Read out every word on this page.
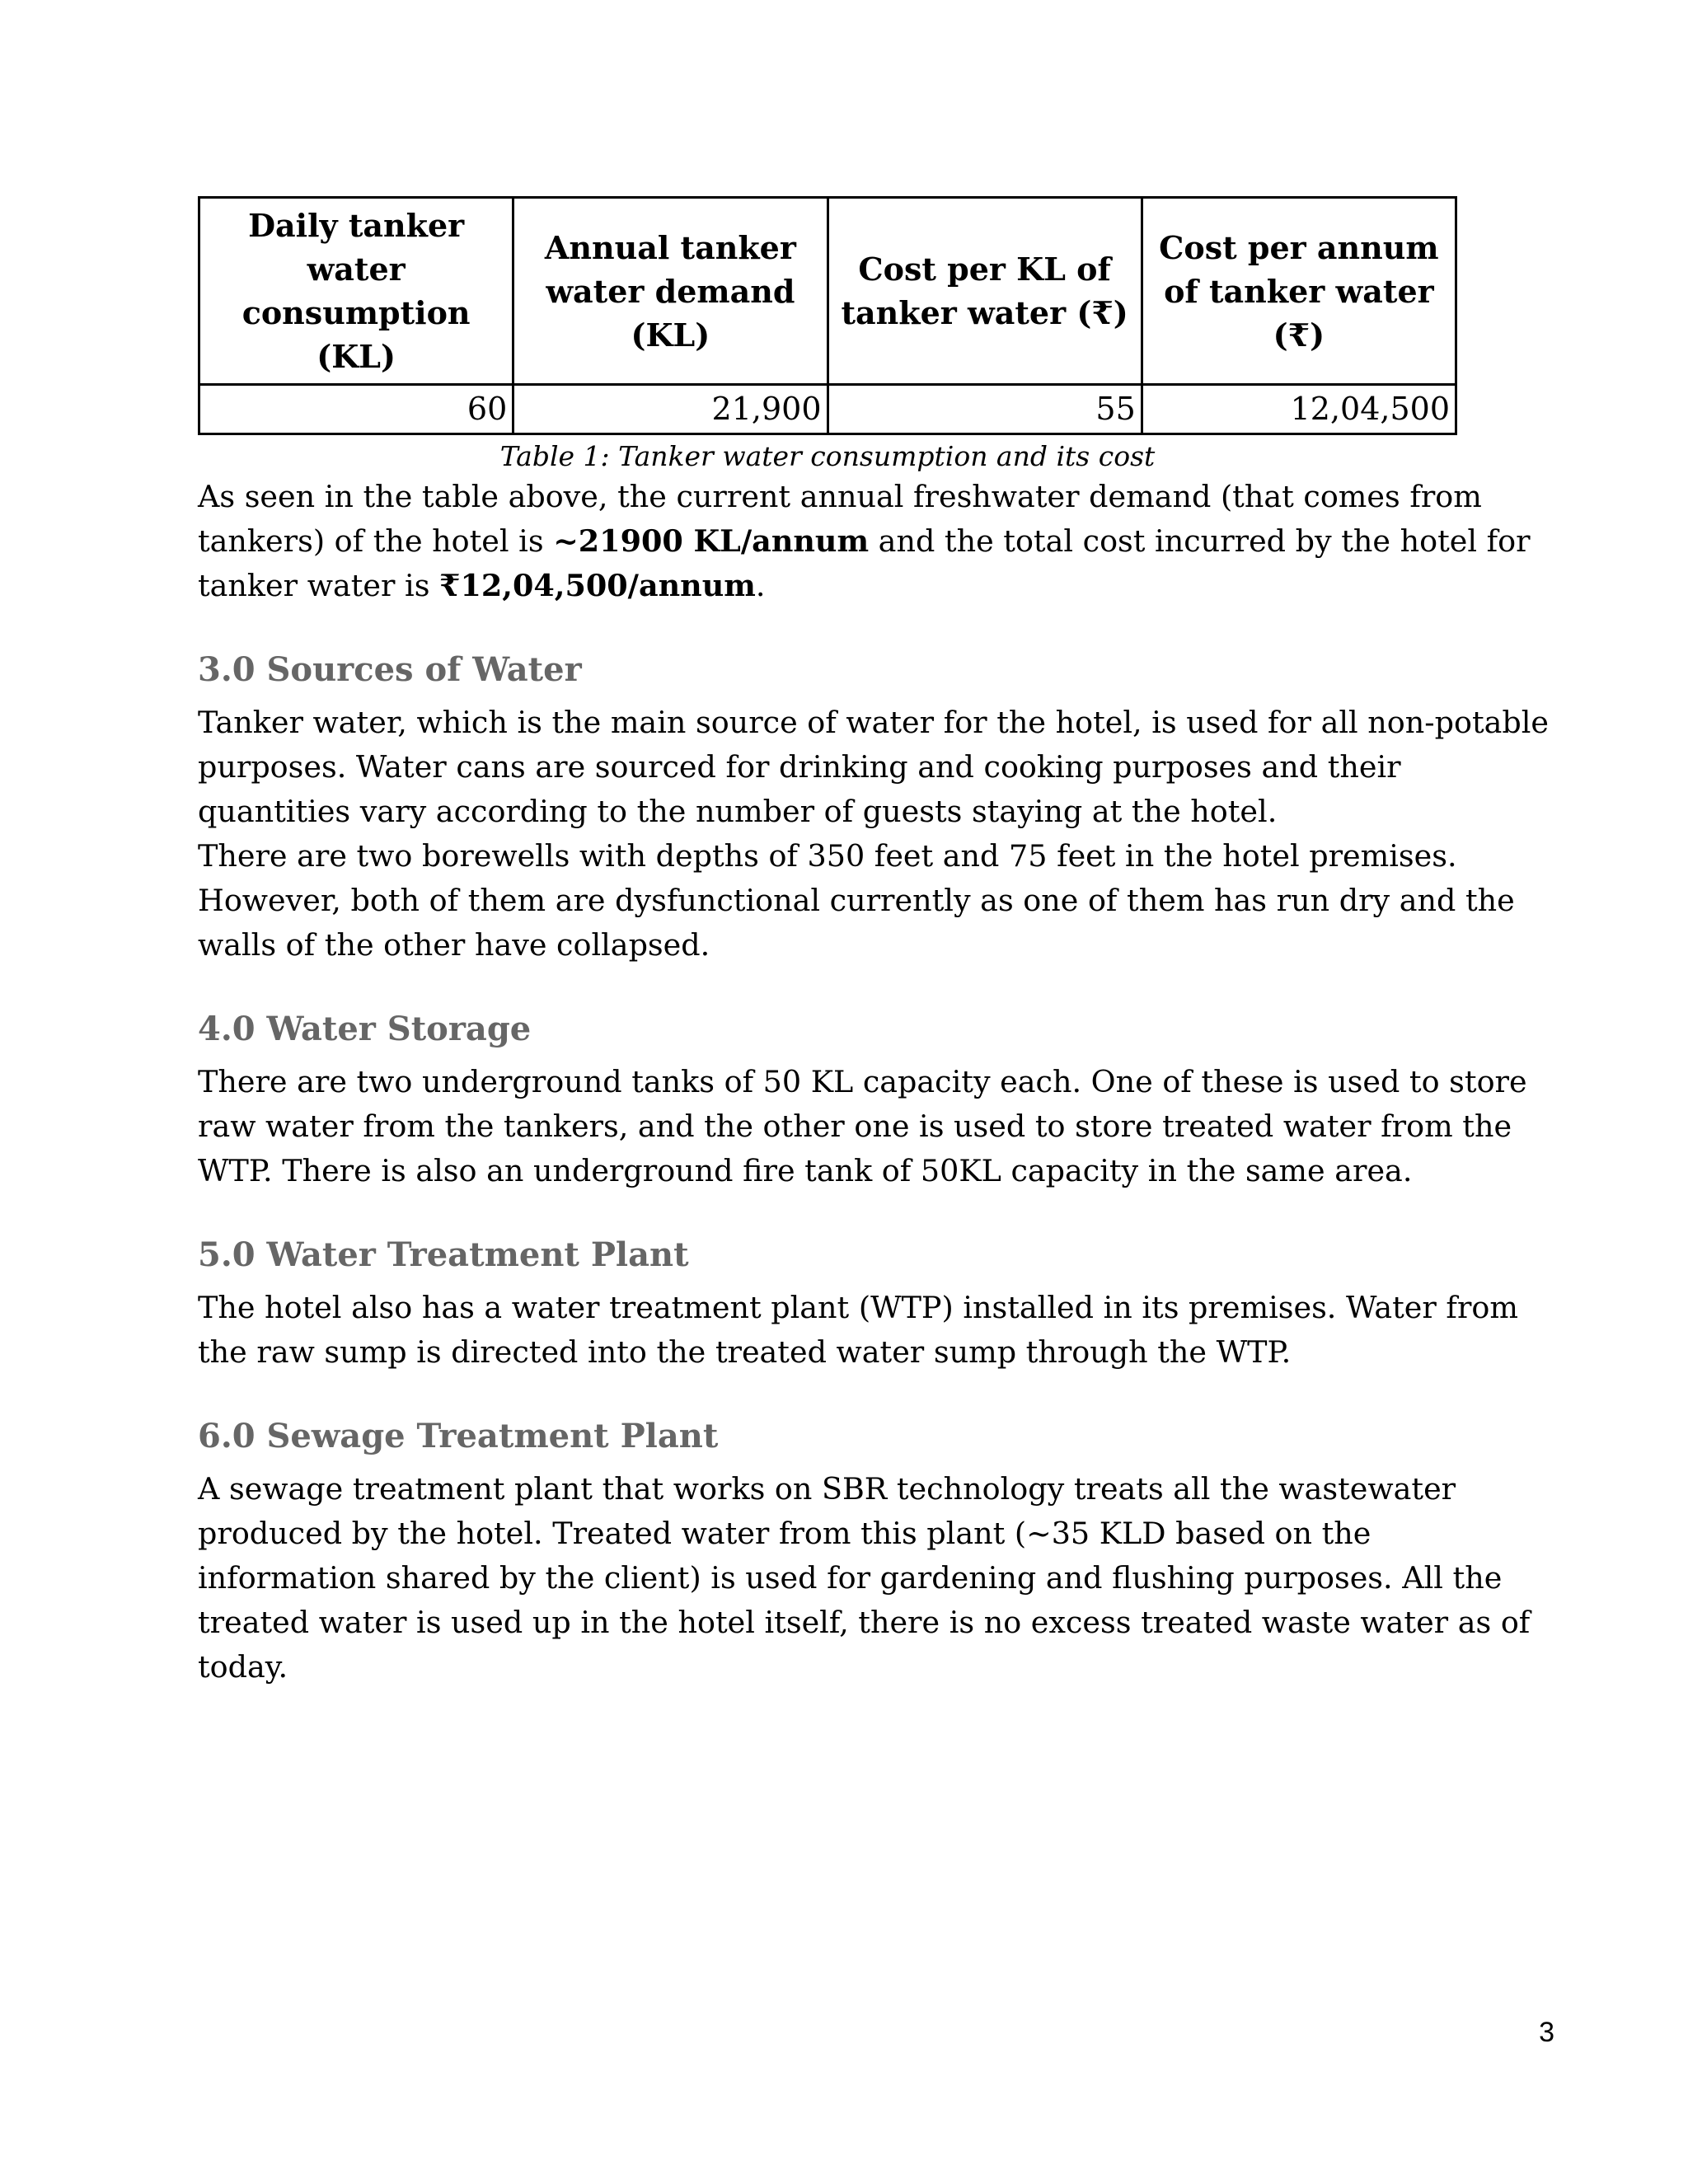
Daily tanker water consumption (KL)	Annual tanker water demand (KL)	Cost per KL of tanker water (₹)	Cost per annum of tanker water (₹)
60	21,900	55	12,04,500
Table 1: Tanker water consumption and its cost

As seen in the table above, the current annual freshwater demand (that comes from tankers) of the hotel is ~21900 KL/annum and the total cost incurred by the hotel for tanker water is ₹12,04,500/annum.

3.0 Sources of Water

Tanker water, which is the main source of water for the hotel, is used for all non-potable purposes. Water cans are sourced for drinking and cooking purposes and their quantities vary according to the number of guests staying at the hotel.

There are two borewells with depths of 350 feet and 75 feet in the hotel premises. However, both of them are dysfunctional currently as one of them has run dry and the walls of the other have collapsed.

4.0 Water Storage

There are two underground tanks of 50 KL capacity each. One of these is used to store raw water from the tankers, and the other one is used to store treated water from the WTP. There is also an underground fire tank of 50KL capacity in the same area.

5.0 Water Treatment Plant

The hotel also has a water treatment plant (WTP) installed in its premises. Water from the raw sump is directed into the treated water sump through the WTP.

6.0 Sewage Treatment Plant

A sewage treatment plant that works on SBR technology treats all the wastewater produced by the hotel. Treated water from this plant (~35 KLD based on the information shared by the client) is used for gardening and flushing purposes. All the treated water is used up in the hotel itself, there is no excess treated waste water as of today.

3
